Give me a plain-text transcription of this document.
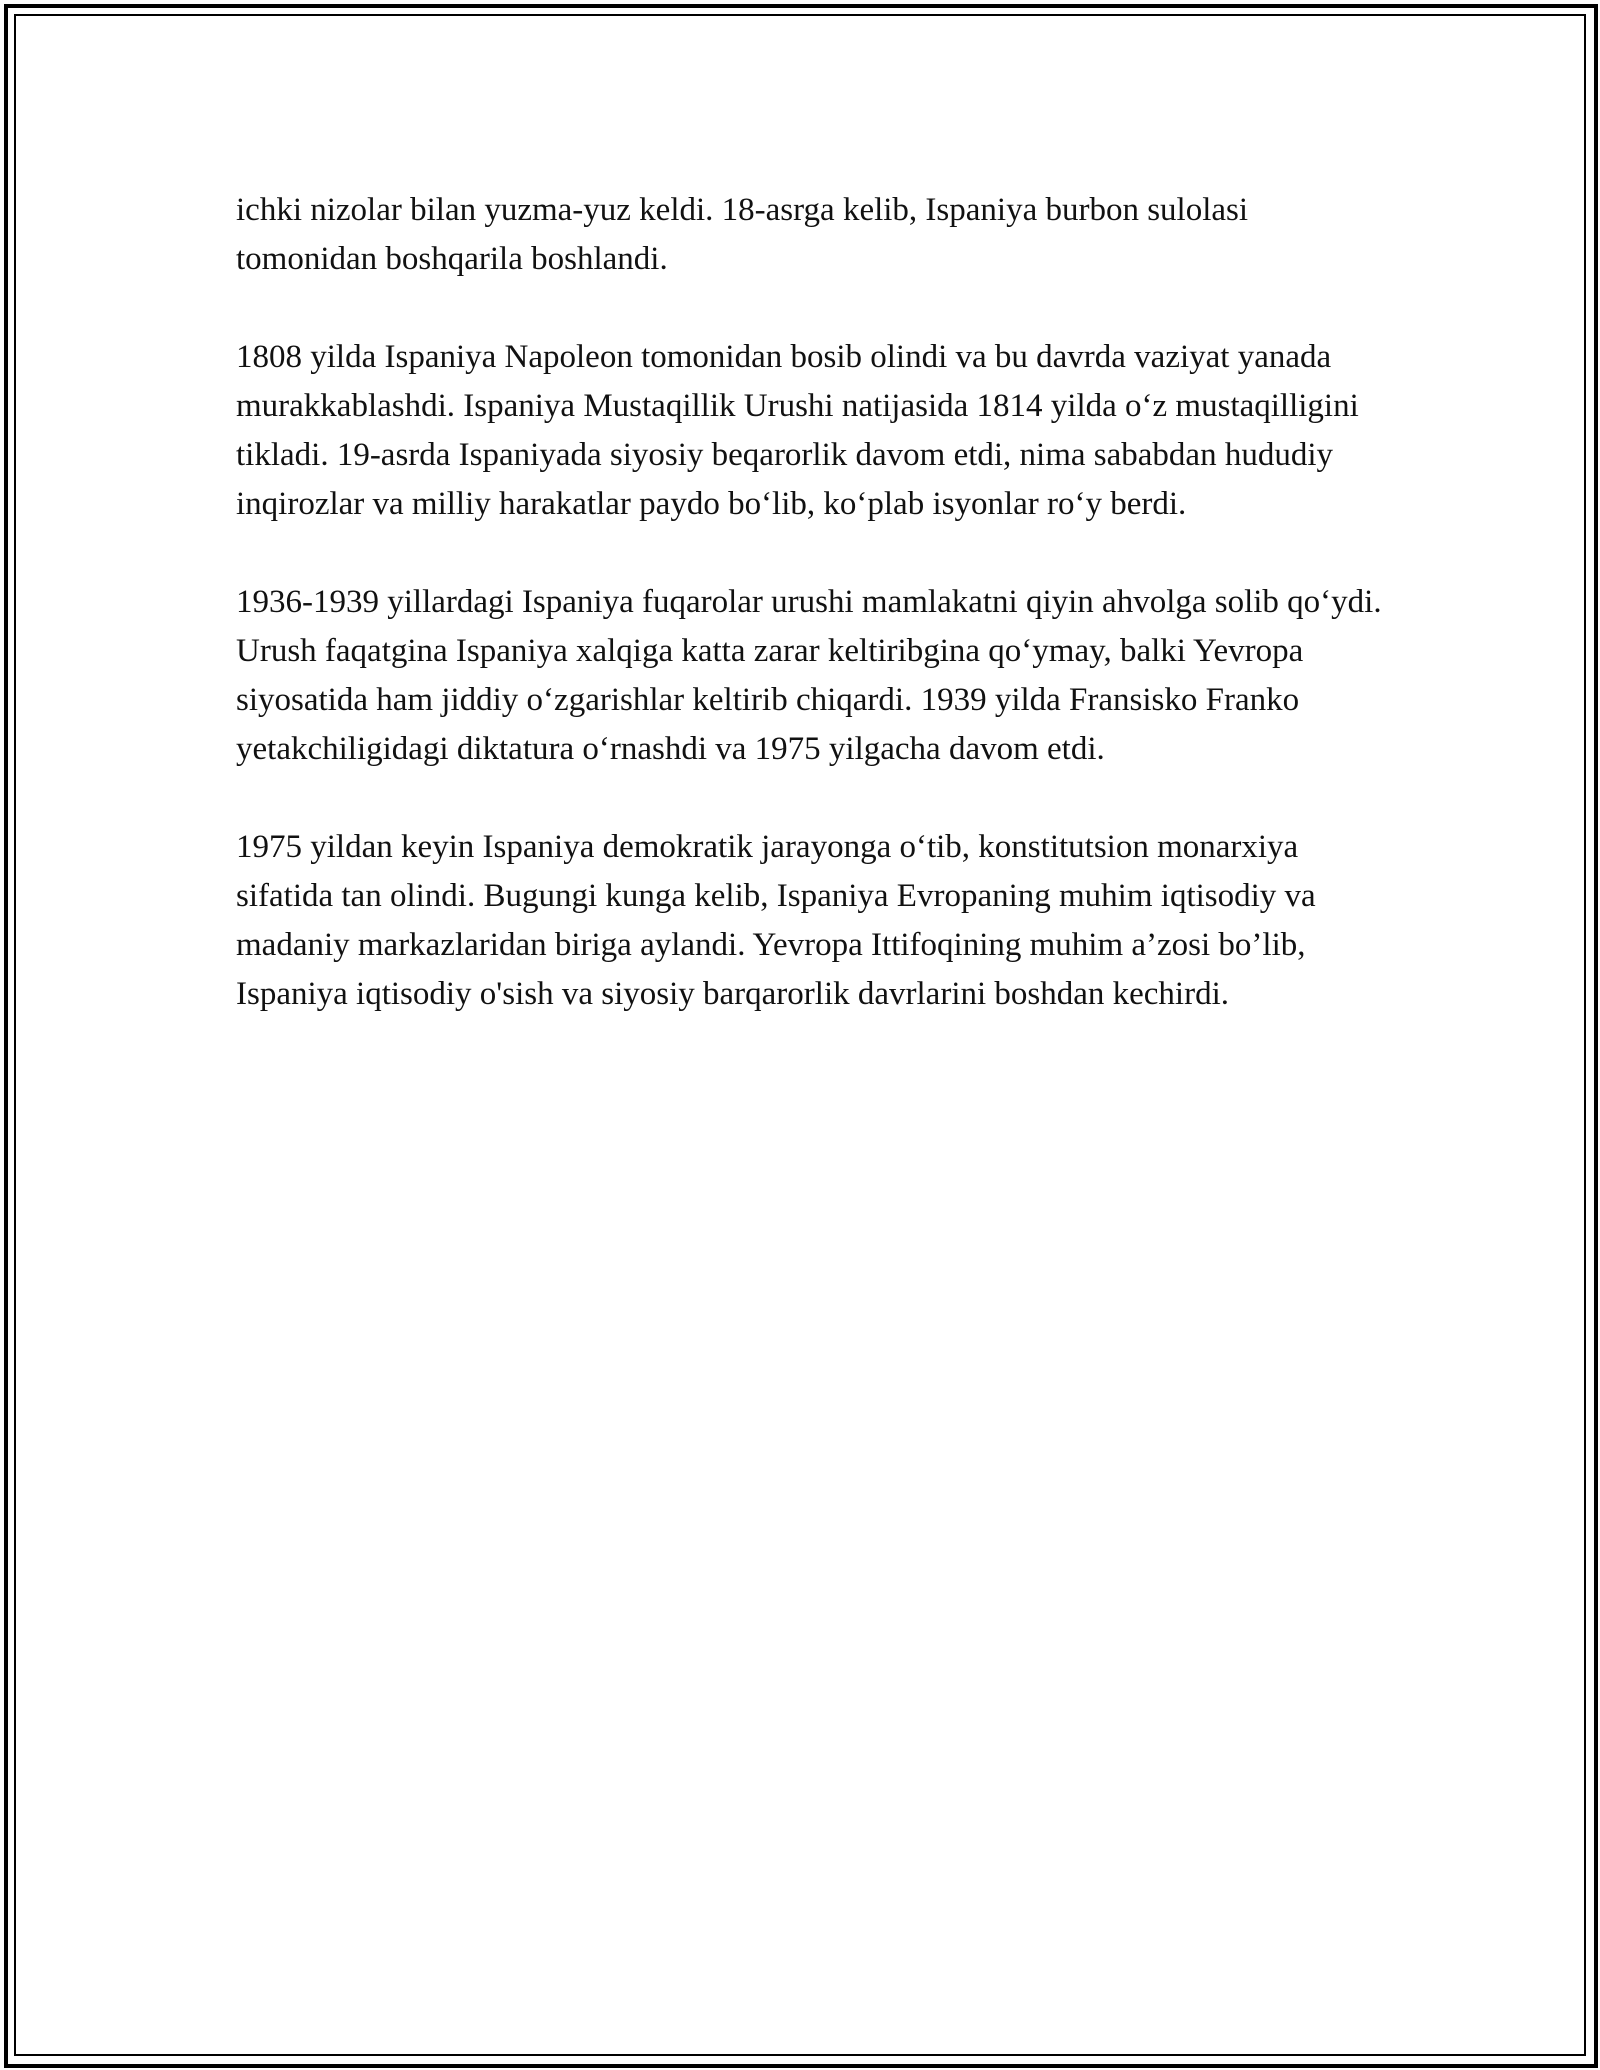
ichki nizolar bilan yuzma-yuz keldi. 18-asrga kelib, Ispaniya burbon sulolasi tomonidan boshqarila boshlandi.

1808 yilda Ispaniya Napoleon tomonidan bosib olindi va bu davrda vaziyat yanada murakkablashdi. Ispaniya Mustaqillik Urushi natijasida 1814 yilda o‘z mustaqilligini tikladi. 19-asrda Ispaniyada siyosiy beqarorlik davom etdi, nima sababdan hududiy inqirozlar va milliy harakatlar paydo bo‘lib, ko‘plab isyonlar ro‘y berdi.

1936-1939 yillardagi Ispaniya fuqarolar urushi mamlakatni qiyin ahvolga solib qo‘ydi. Urush faqatgina Ispaniya xalqiga katta zarar keltiribgina qo‘ymay, balki Yevropa siyosatida ham jiddiy o‘zgarishlar keltirib chiqardi. 1939 yilda Fransisko Franko yetakchiligidagi diktatura o‘rnashdi va 1975 yilgacha davom etdi.

1975 yildan keyin Ispaniya demokratik jarayonga o‘tib, konstitutsion monarxiya sifatida tan olindi. Bugungi kunga kelib, Ispaniya Evropaning muhim iqtisodiy va madaniy markazlaridan biriga aylandi. Yevropa Ittifoqining muhim a’zosi bo’lib, Ispaniya iqtisodiy o'sish va siyosiy barqarorlik davrlarini boshdan kechirdi.
